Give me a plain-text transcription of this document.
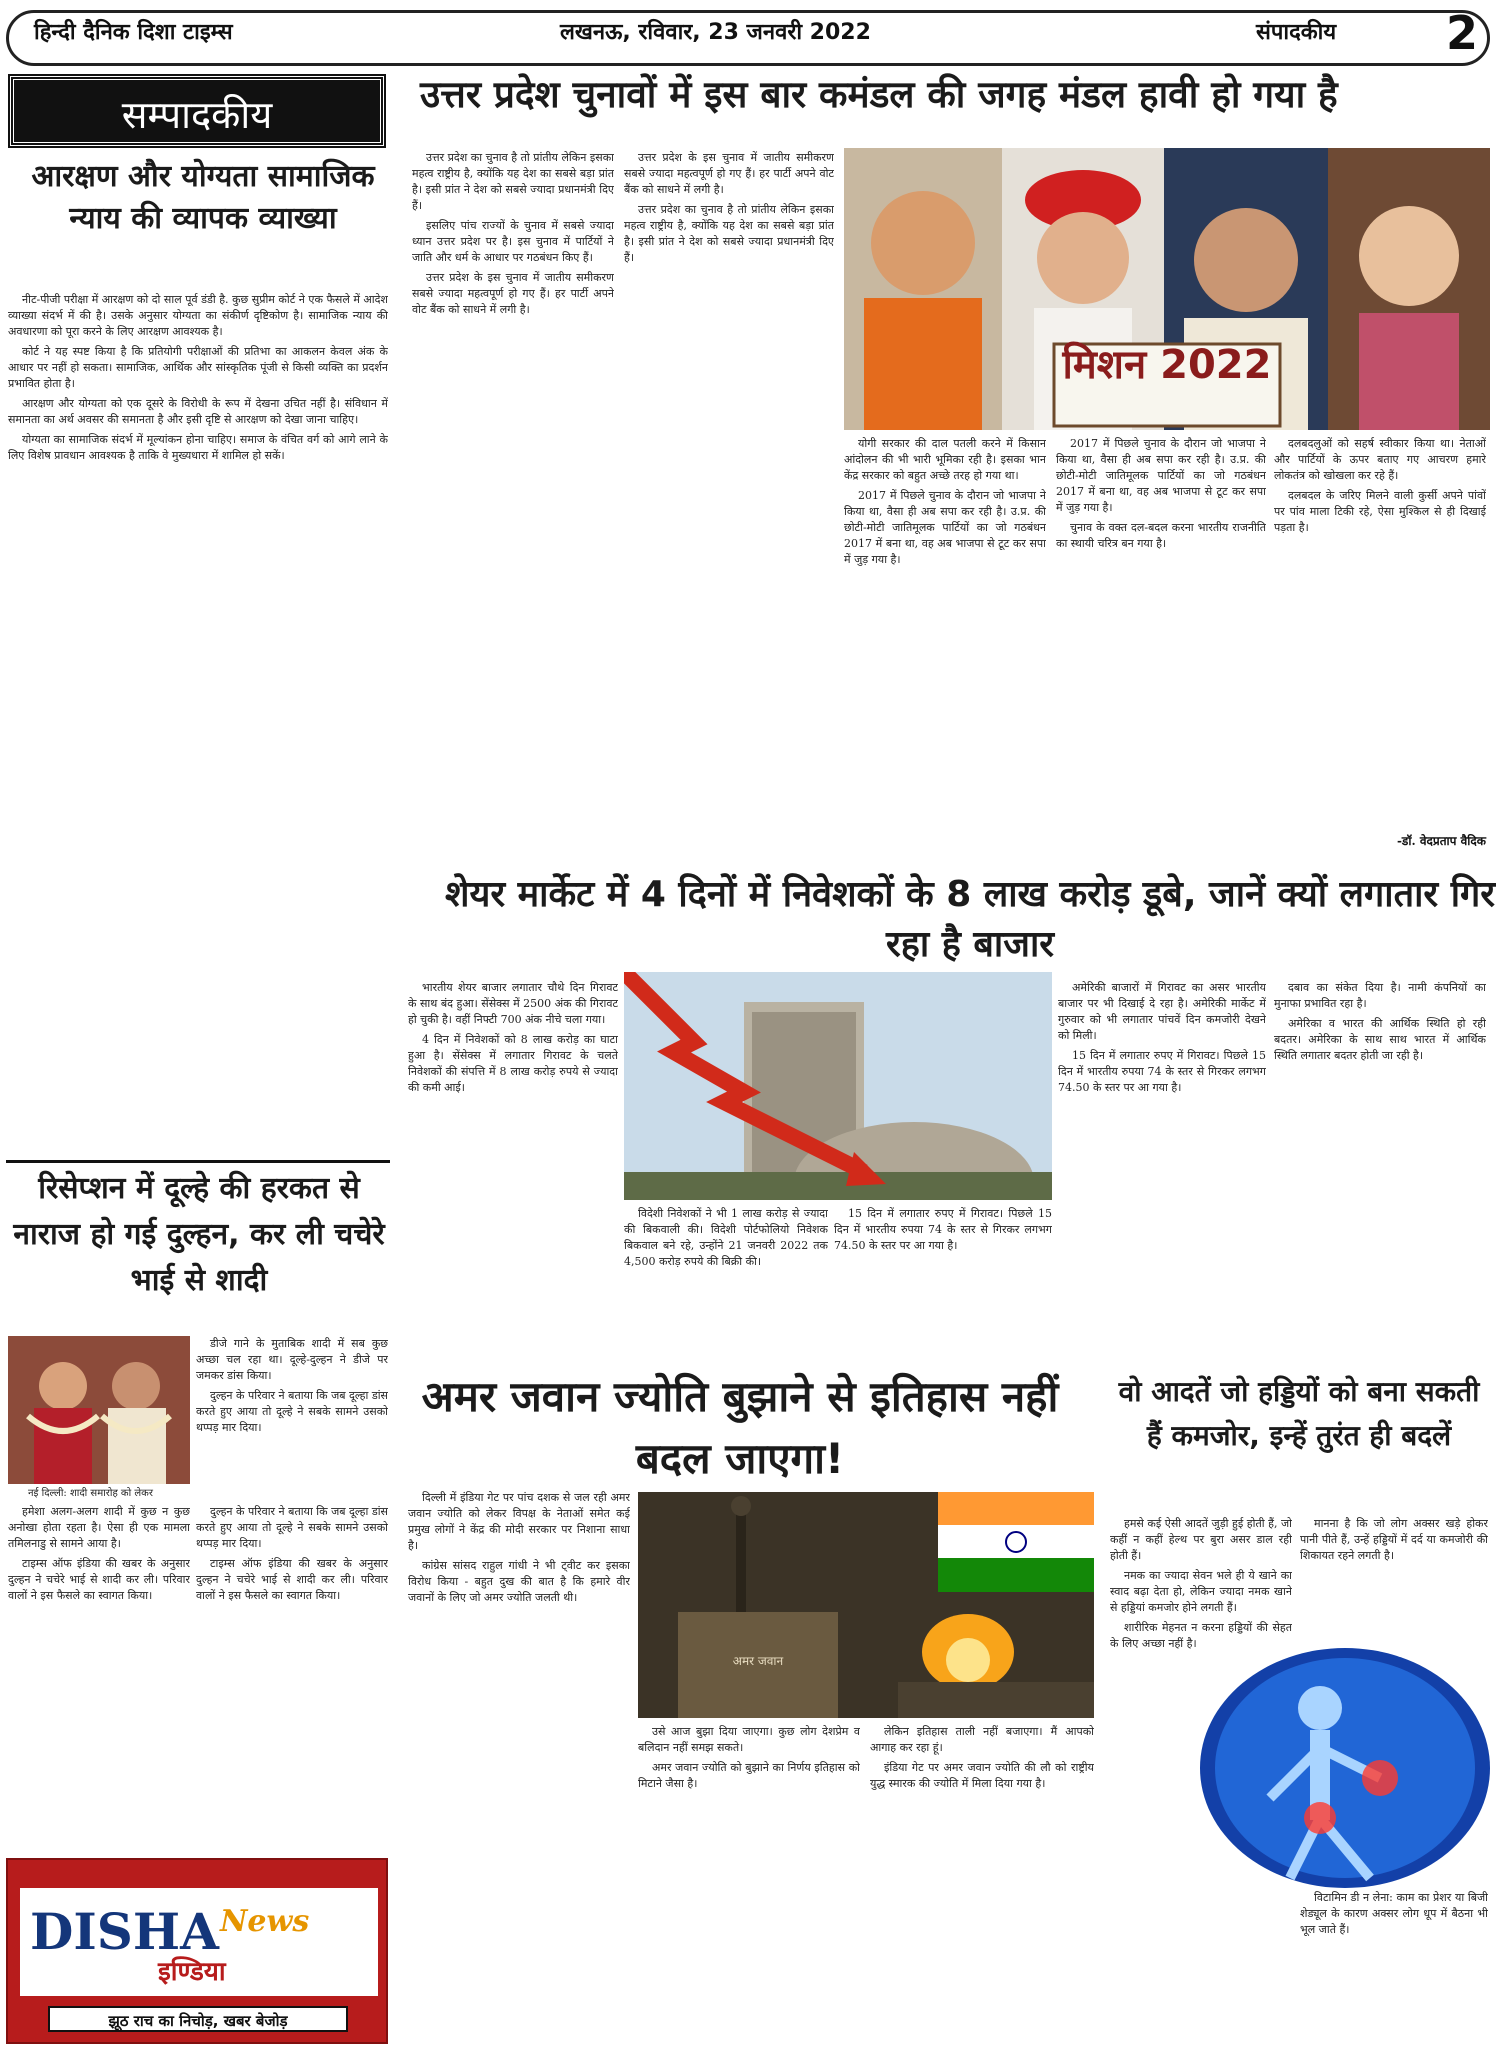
हिन्दी दैनिक दिशा टाइम्स	लखनऊ, रविवार, 23 जनवरी 2022	संपादकीय 2
सम्पादकीय
आरक्षण और योग्यता सामाजिक न्याय की व्यापक व्याख्या

नीट-पीजी परीक्षा में आरक्षण को दो साल पूर्व डंडी है. कुछ सुप्रीम कोर्ट ने एक फैसले में आदेश व्याख्या संदर्भ में की है। उसके अनुसार योग्यता का संकीर्ण दृष्टिकोण है। सामाजिक न्याय की अवधारणा को पूरा करने के लिए आरक्षण आवश्यक है।

कोर्ट ने यह स्पष्ट किया है कि प्रतियोगी परीक्षाओं की प्रतिभा का आकलन केवल अंक के आधार पर नहीं हो सकता। सामाजिक, आर्थिक और सांस्कृतिक पूंजी से किसी व्यक्ति का प्रदर्शन प्रभावित होता है।

आरक्षण और योग्यता को एक दूसरे के विरोधी के रूप में देखना उचित नहीं है। संविधान में समानता का अर्थ अवसर की समानता है और इसी दृष्टि से आरक्षण को देखा जाना चाहिए।

योग्यता का सामाजिक संदर्भ में मूल्यांकन होना चाहिए। समाज के वंचित वर्ग को आगे लाने के लिए विशेष प्रावधान आवश्यक है ताकि वे मुख्यधारा में शामिल हो सकें।

उत्तर प्रदेश चुनावों में इस बार कमंडल की जगह मंडल हावी हो गया है

उत्तर प्रदेश का चुनाव है तो प्रांतीय लेकिन इसका महत्व राष्ट्रीय है, क्योंकि यह देश का सबसे बड़ा प्रांत है। इसी प्रांत ने देश को सबसे ज्यादा प्रधानमंत्री दिए हैं।

इसलिए पांच राज्यों के चुनाव में सबसे ज्यादा ध्यान उत्तर प्रदेश पर है। इस चुनाव में पार्टियों ने जाति और धर्म के आधार पर गठबंधन किए हैं।

उत्तर प्रदेश के इस चुनाव में जातीय समीकरण सबसे ज्यादा महत्वपूर्ण हो गए हैं। हर पार्टी अपने वोट बैंक को साधने में लगी है।

उत्तर प्रदेश के इस चुनाव में जातीय समीकरण सबसे ज्यादा महत्वपूर्ण हो गए हैं। हर पार्टी अपने वोट बैंक को साधने में लगी है।

उत्तर प्रदेश का चुनाव है तो प्रांतीय लेकिन इसका महत्व राष्ट्रीय है, क्योंकि यह देश का सबसे बड़ा प्रांत है। इसी प्रांत ने देश को सबसे ज्यादा प्रधानमंत्री दिए हैं।

मिशन 2022

योगी सरकार की दाल पतली करने में किसान आंदोलन की भी भारी भूमिका रही है। इसका भान केंद्र सरकार को बहुत अच्छे तरह हो गया था।

2017 में पिछले चुनाव के दौरान जो भाजपा ने किया था, वैसा ही अब सपा कर रही है। उ.प्र. की छोटी-मोटी जातिमूलक पार्टियों का जो गठबंधन 2017 में बना था, वह अब भाजपा से टूट कर सपा में जुड़ गया है।

2017 में पिछले चुनाव के दौरान जो भाजपा ने किया था, वैसा ही अब सपा कर रही है। उ.प्र. की छोटी-मोटी जातिमूलक पार्टियों का जो गठबंधन 2017 में बना था, वह अब भाजपा से टूट कर सपा में जुड़ गया है।

चुनाव के वक्त दल-बदल करना भारतीय राजनीति का स्थायी चरित्र बन गया है।

दलबदलुओं को सहर्ष स्वीकार किया था। नेताओं और पार्टियों के ऊपर बताए गए आचरण हमारे लोकतंत्र को खोखला कर रहे हैं।

दलबदल के जरिए मिलने वाली कुर्सी अपने पांवों पर पांव माला टिकी रहे, ऐसा मुश्किल से ही दिखाई पड़ता है।

-डॉ. वेदप्रताप वैदिक
शेयर मार्केट में 4 दिनों में निवेशकों के 8 लाख करोड़ डूबे, जानें क्यों लगातार गिर रहा है बाजार

भारतीय शेयर बाजार लगातार चौथे दिन गिरावट के साथ बंद हुआ। सेंसेक्स में 2500 अंक की गिरावट हो चुकी है। वहीं निफ्टी 700 अंक नीचे चला गया।

4 दिन में निवेशकों को 8 लाख करोड़ का घाटा हुआ है। सेंसेक्स में लगातार गिरावट के चलते निवेशकों की संपत्ति में 8 लाख करोड़ रुपये से ज्यादा की कमी आई।

विदेशी निवेशकों ने भी 1 लाख करोड़ से ज्यादा की बिकवाली की। विदेशी पोर्टफोलियो निवेशक बिकवाल बने रहे, उन्होंने 21 जनवरी 2022 तक 4,500 करोड़ रुपये की बिक्री की।

15 दिन में लगातार रुपए में गिरावट। पिछले 15 दिन में भारतीय रुपया 74 के स्तर से गिरकर लगभग 74.50 के स्तर पर आ गया है।

अमेरिकी बाजारों में गिरावट का असर भारतीय बाजार पर भी दिखाई दे रहा है। अमेरिकी मार्केट में गुरुवार को भी लगातार पांचवें दिन कमजोरी देखने को मिली।

15 दिन में लगातार रुपए में गिरावट। पिछले 15 दिन में भारतीय रुपया 74 के स्तर से गिरकर लगभग 74.50 के स्तर पर आ गया है।

दबाव का संकेत दिया है। नामी कंपनियों का मुनाफा प्रभावित रहा है।

अमेरिका व भारत की आर्थिक स्थिति हो रही बदतर। अमेरिका के साथ साथ भारत में आर्थिक स्थिति लगातार बदतर होती जा रही है।

रिसेप्शन में दूल्हे की हरकत से नाराज हो गई दुल्हन, कर ली चचेरे भाई से शादी

डीजे गाने के मुताबिक शादी में सब कुछ अच्छा चल रहा था। दूल्हे-दुल्हन ने डीजे पर जमकर डांस किया।

दुल्हन के परिवार ने बताया कि जब दूल्हा डांस करते हुए आया तो दूल्हे ने सबके सामने उसको थप्पड़ मार दिया।

नई दिल्ली: शादी समारोह को लेकर

हमेशा अलग-अलग शादी में कुछ न कुछ अनोखा होता रहता है। ऐसा ही एक मामला तमिलनाडु से सामने आया है।

टाइम्स ऑफ इंडिया की खबर के अनुसार दुल्हन ने चचेरे भाई से शादी कर ली। परिवार वालों ने इस फैसले का स्वागत किया।

दुल्हन के परिवार ने बताया कि जब दूल्हा डांस करते हुए आया तो दूल्हे ने सबके सामने उसको थप्पड़ मार दिया।

टाइम्स ऑफ इंडिया की खबर के अनुसार दुल्हन ने चचेरे भाई से शादी कर ली। परिवार वालों ने इस फैसले का स्वागत किया।

DISHA News
इण्डिया
झूठ राच का निचोड़, खबर बेजोड़
अमर जवान ज्योति बुझाने से इतिहास नहीं बदल जाएगा!

दिल्ली में इंडिया गेट पर पांच दशक से जल रही अमर जवान ज्योति को लेकर विपक्ष के नेताओं समेत कई प्रमुख लोगों ने केंद्र की मोदी सरकार पर निशाना साधा है।

कांग्रेस सांसद राहुल गांधी ने भी ट्वीट कर इसका विरोध किया - बहुत दुख की बात है कि हमारे वीर जवानों के लिए जो अमर ज्योति जलती थी।

अमर जवान

उसे आज बुझा दिया जाएगा। कुछ लोग देशप्रेम व बलिदान नहीं समझ सकते।

अमर जवान ज्योति को बुझाने का निर्णय इतिहास को मिटाने जैसा है।

लेकिन इतिहास ताली नहीं बजाएगा। मैं आपको आगाह कर रहा हूं।

इंडिया गेट पर अमर जवान ज्योति की लौ को राष्ट्रीय युद्ध स्मारक की ज्योति में मिला दिया गया है।

वो आदतें जो हड्डियों को बना सकती हैं कमजोर, इन्हें तुरंत ही बदलें

हमसे कई ऐसी आदतें जुड़ी हुई होती हैं, जो कहीं न कहीं हेल्थ पर बुरा असर डाल रही होती हैं।

नमक का ज्यादा सेवन भले ही ये खाने का स्वाद बढ़ा देता हो, लेकिन ज्यादा नमक खाने से हड्डियां कमजोर होने लगती हैं।

शारीरिक मेहनत न करना हड्डियों की सेहत के लिए अच्छा नहीं है।

मानना है कि जो लोग अक्सर खड़े होकर पानी पीते हैं, उन्हें हड्डियों में दर्द या कमजोरी की शिकायत रहने लगती है।

विटामिन डी न लेना: काम का प्रेशर या बिजी शेड्यूल के कारण अक्सर लोग धूप में बैठना भी भूल जाते हैं।
